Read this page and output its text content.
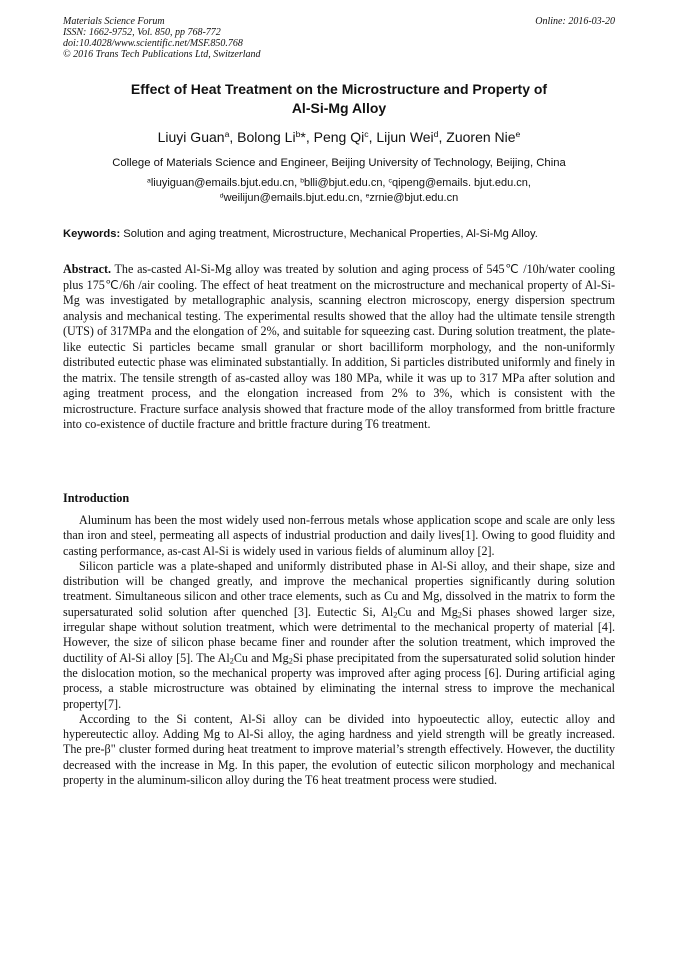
Materials Science Forum
ISSN: 1662-9752, Vol. 850, pp 768-772
doi:10.4028/www.scientific.net/MSF.850.768
© 2016 Trans Tech Publications Ltd, Switzerland
Online: 2016-03-20
Effect of Heat Treatment on the Microstructure and Property of
Al-Si-Mg Alloy
Liuyi Guan$^a$, Bolong Li$^b$*, Peng Qi$^c$, Lijun Wei$^d$, Zuoren Nie$^e$
College of Materials Science and Engineer, Beijing University of Technology, Beijing, China
$^a$liuyiguan@emails.bjut.edu.cn, $^b$blli@bjut.edu.cn, $^c$qipeng@emails. bjut.edu.cn,
$^d$weilijun@emails.bjut.edu.cn, $^e$zrnie@bjut.edu.cn
Keywords: Solution and aging treatment, Microstructure, Mechanical Properties, Al-Si-Mg Alloy.
Abstract. The as-casted Al-Si-Mg alloy was treated by solution and aging process of 545℃ /10h/water cooling plus 175℃/6h /air cooling. The effect of heat treatment on the microstructure and mechanical property of Al-Si-Mg was investigated by metallographic analysis, scanning electron microscopy, energy dispersion spectrum analysis and mechanical testing. The experimental results showed that the alloy had the ultimate tensile strength (UTS) of 317MPa and the elongation of 2%, and suitable for squeezing cast. During solution treatment, the plate-like eutectic Si particles became small granular or short bacilliform morphology, and the non-uniformly distributed eutectic phase was eliminated substantially. In addition, Si particles distributed uniformly and finely in the matrix. The tensile strength of as-casted alloy was 180 MPa, while it was up to 317 MPa after solution and aging treatment process, and the elongation increased from 2% to 3%, which is consistent with the microstructure. Fracture surface analysis showed that fracture mode of the alloy transformed from brittle fracture into co-existence of ductile fracture and brittle fracture during T6 treatment.
Introduction

Aluminum has been the most widely used non-ferrous metals whose application scope and scale are only less than iron and steel, permeating all aspects of industrial production and daily lives[1]. Owing to good fluidity and casting performance, as-cast Al-Si is widely used in various fields of aluminum alloy [2].

Silicon particle was a plate-shaped and uniformly distributed phase in Al-Si alloy, and their shape, size and distribution will be changed greatly, and improve the mechanical properties significantly during solution treatment. Simultaneous silicon and other trace elements, such as Cu and Mg, dissolved in the matrix to form the supersaturated solid solution after quenched [3]. Eutectic Si, $Al_2Cu$ and $Mg_2Si$ phases showed larger size, irregular shape without solution treatment, which were detrimental to the mechanical property of material [4]. However, the size of silicon phase became finer and rounder after the solution treatment, which improved the ductility of Al-Si alloy [5]. The $Al_2Cu$ and $Mg_2Si$ phase precipitated from the supersaturated solid solution hinder the dislocation motion, so the mechanical property was improved after aging process [6]. During artificial aging process, a stable microstructure was obtained by eliminating the internal stress to improve the mechanical property[7].

According to the Si content, Al-Si alloy can be divided into hypoeutectic alloy, eutectic alloy and hypereutectic alloy. Adding Mg to Al-Si alloy, the aging hardness and yield strength will be greatly increased. The pre-β" cluster formed during heat treatment to improve material’s strength effectively. However, the ductility decreased with the increase in Mg. In this paper, the evolution of eutectic silicon morphology and mechanical property in the aluminum-silicon alloy during the T6 heat treatment process were studied.
